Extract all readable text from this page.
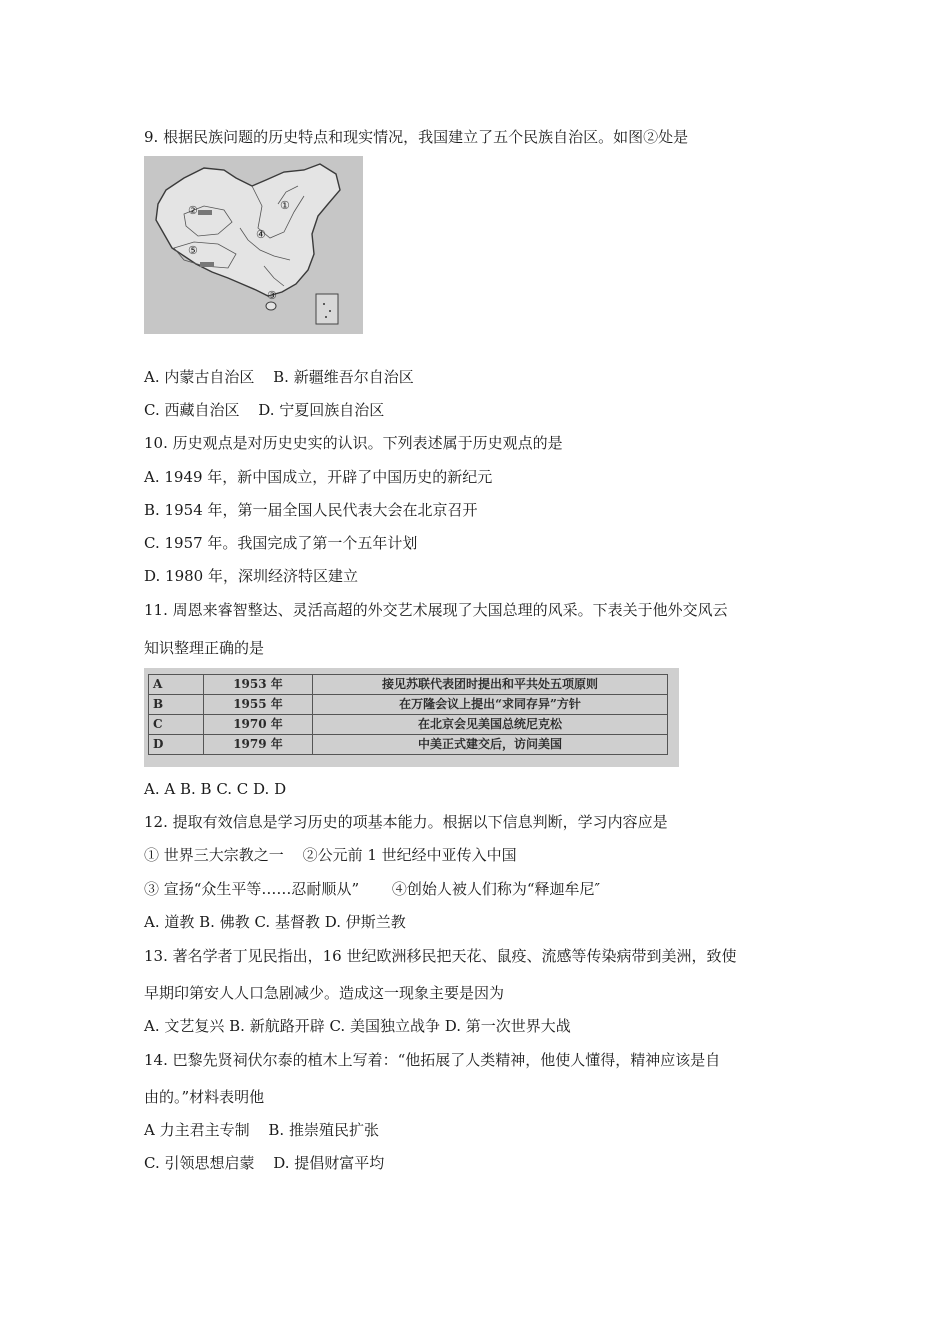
9. 根据民族问题的历史特点和现实情况，我国建立了五个民族自治区。如图②处是
①
②
③
④
⑤
A. 内蒙古自治区 B. 新疆维吾尔自治区
C. 西藏自治区 D. 宁夏回族自治区
10. 历史观点是对历史史实的认识。下列表述属于历史观点的是
A. 1949 年，新中国成立，开辟了中国历史的新纪元
B. 1954 年，第一届全国人民代表大会在北京召开
C. 1957 年。我国完成了第一个五年计划
D. 1980 年，深圳经济特区建立
11. 周恩来睿智整达、灵活高超的外交艺术展现了大国总理的风采。下表关于他外交风云
知识整理正确的是
A	1953 年	接见苏联代表团时提出和平共处五项原则
B	1955 年	在万隆会议上提出“求同存异”方针
C	1970 年	在北京会见美国总统尼克松
D	1979 年	中美正式建交后，访问美国
A. A B. B C. C D. D
12. 提取有效信息是学习历史的项基本能力。根据以下信息判断，学习内容应是
① 世界三大宗教之一 ②公元前 1 世纪经中亚传入中国
③ 宣扬“众生平等……忍耐顺从” ④创始人被人们称为“释迦牟尼″
A. 道教 B. 佛教 C. 基督教 D. 伊斯兰教
13. 著名学者丁见民指出，16 世纪欧洲移民把天花、鼠疫、流感等传染病带到美洲，致使
早期印第安人人口急剧减少。造成这一现象主要是因为
A. 文艺复兴 B. 新航路开辟 C. 美国独立战争 D. 第一次世界大战
14. 巴黎先贤祠伏尔泰的植木上写着：“他拓展了人类精神，他使人懂得，精神应该是自
由的。”材料表明他
A 力主君主专制 B. 推崇殖民扩张
C. 引领思想启蒙 D. 提倡财富平均
